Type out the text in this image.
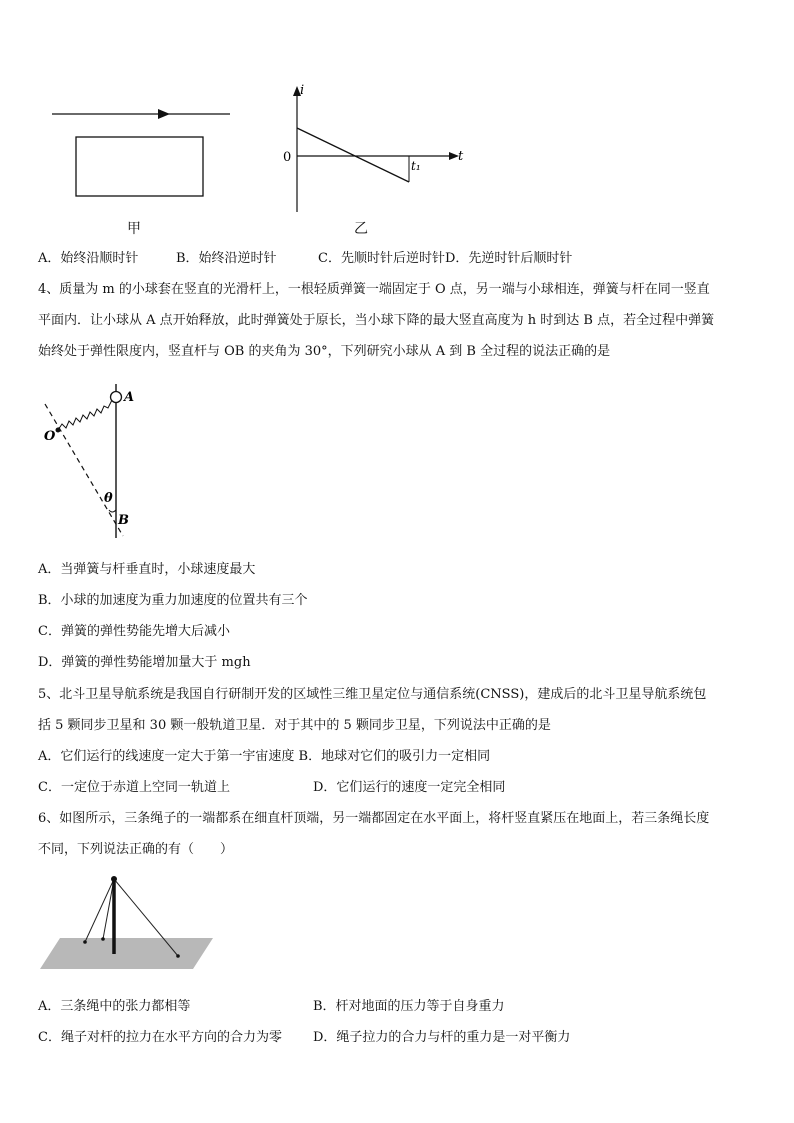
甲
i
t
0
t₁
乙
A．始终沿顺时针	B．始终沿逆时针	C．先顺时针后逆时针D．先逆时针后顺时针
4、质量为 m 的小球套在竖直的光滑杆上，一根轻质弹簧一端固定于 O 点，另一端与小球相连，弹簧与杆在同一竖直
平面内．让小球从 A 点开始释放，此时弹簧处于原长，当小球下降的最大竖直高度为 h 时到达 B 点，若全过程中弹簧
始终处于弹性限度内，竖直杆与 OB 的夹角为 30°，下列研究小球从 A 到 B 全过程的说法正确的是
A
O
θ
B
A．当弹簧与杆垂直时，小球速度最大
B．小球的加速度为重力加速度的位置共有三个
C．弹簧的弹性势能先增大后减小
D．弹簧的弹性势能增加量大于 mgh
5、北斗卫星导航系统是我国自行研制开发的区域性三维卫星定位与通信系统(CNSS)，建成后的北斗卫星导航系统包
括 5 颗同步卫星和 30 颗一般轨道卫星．对于其中的 5 颗同步卫星，下列说法中正确的是
A．它们运行的线速度一定大于第一宇宙速度 B．地球对它们的吸引力一定相同
C．一定位于赤道上空同一轨道上	D．它们运行的速度一定完全相同
6、如图所示，三条绳子的一端都系在细直杆顶端，另一端都固定在水平面上，将杆竖直紧压在地面上，若三条绳长度
不同，下列说法正确的有（　　）
A．三条绳中的张力都相等	B．杆对地面的压力等于自身重力
C．绳子对杆的拉力在水平方向的合力为零 D．绳子拉力的合力与杆的重力是一对平衡力
